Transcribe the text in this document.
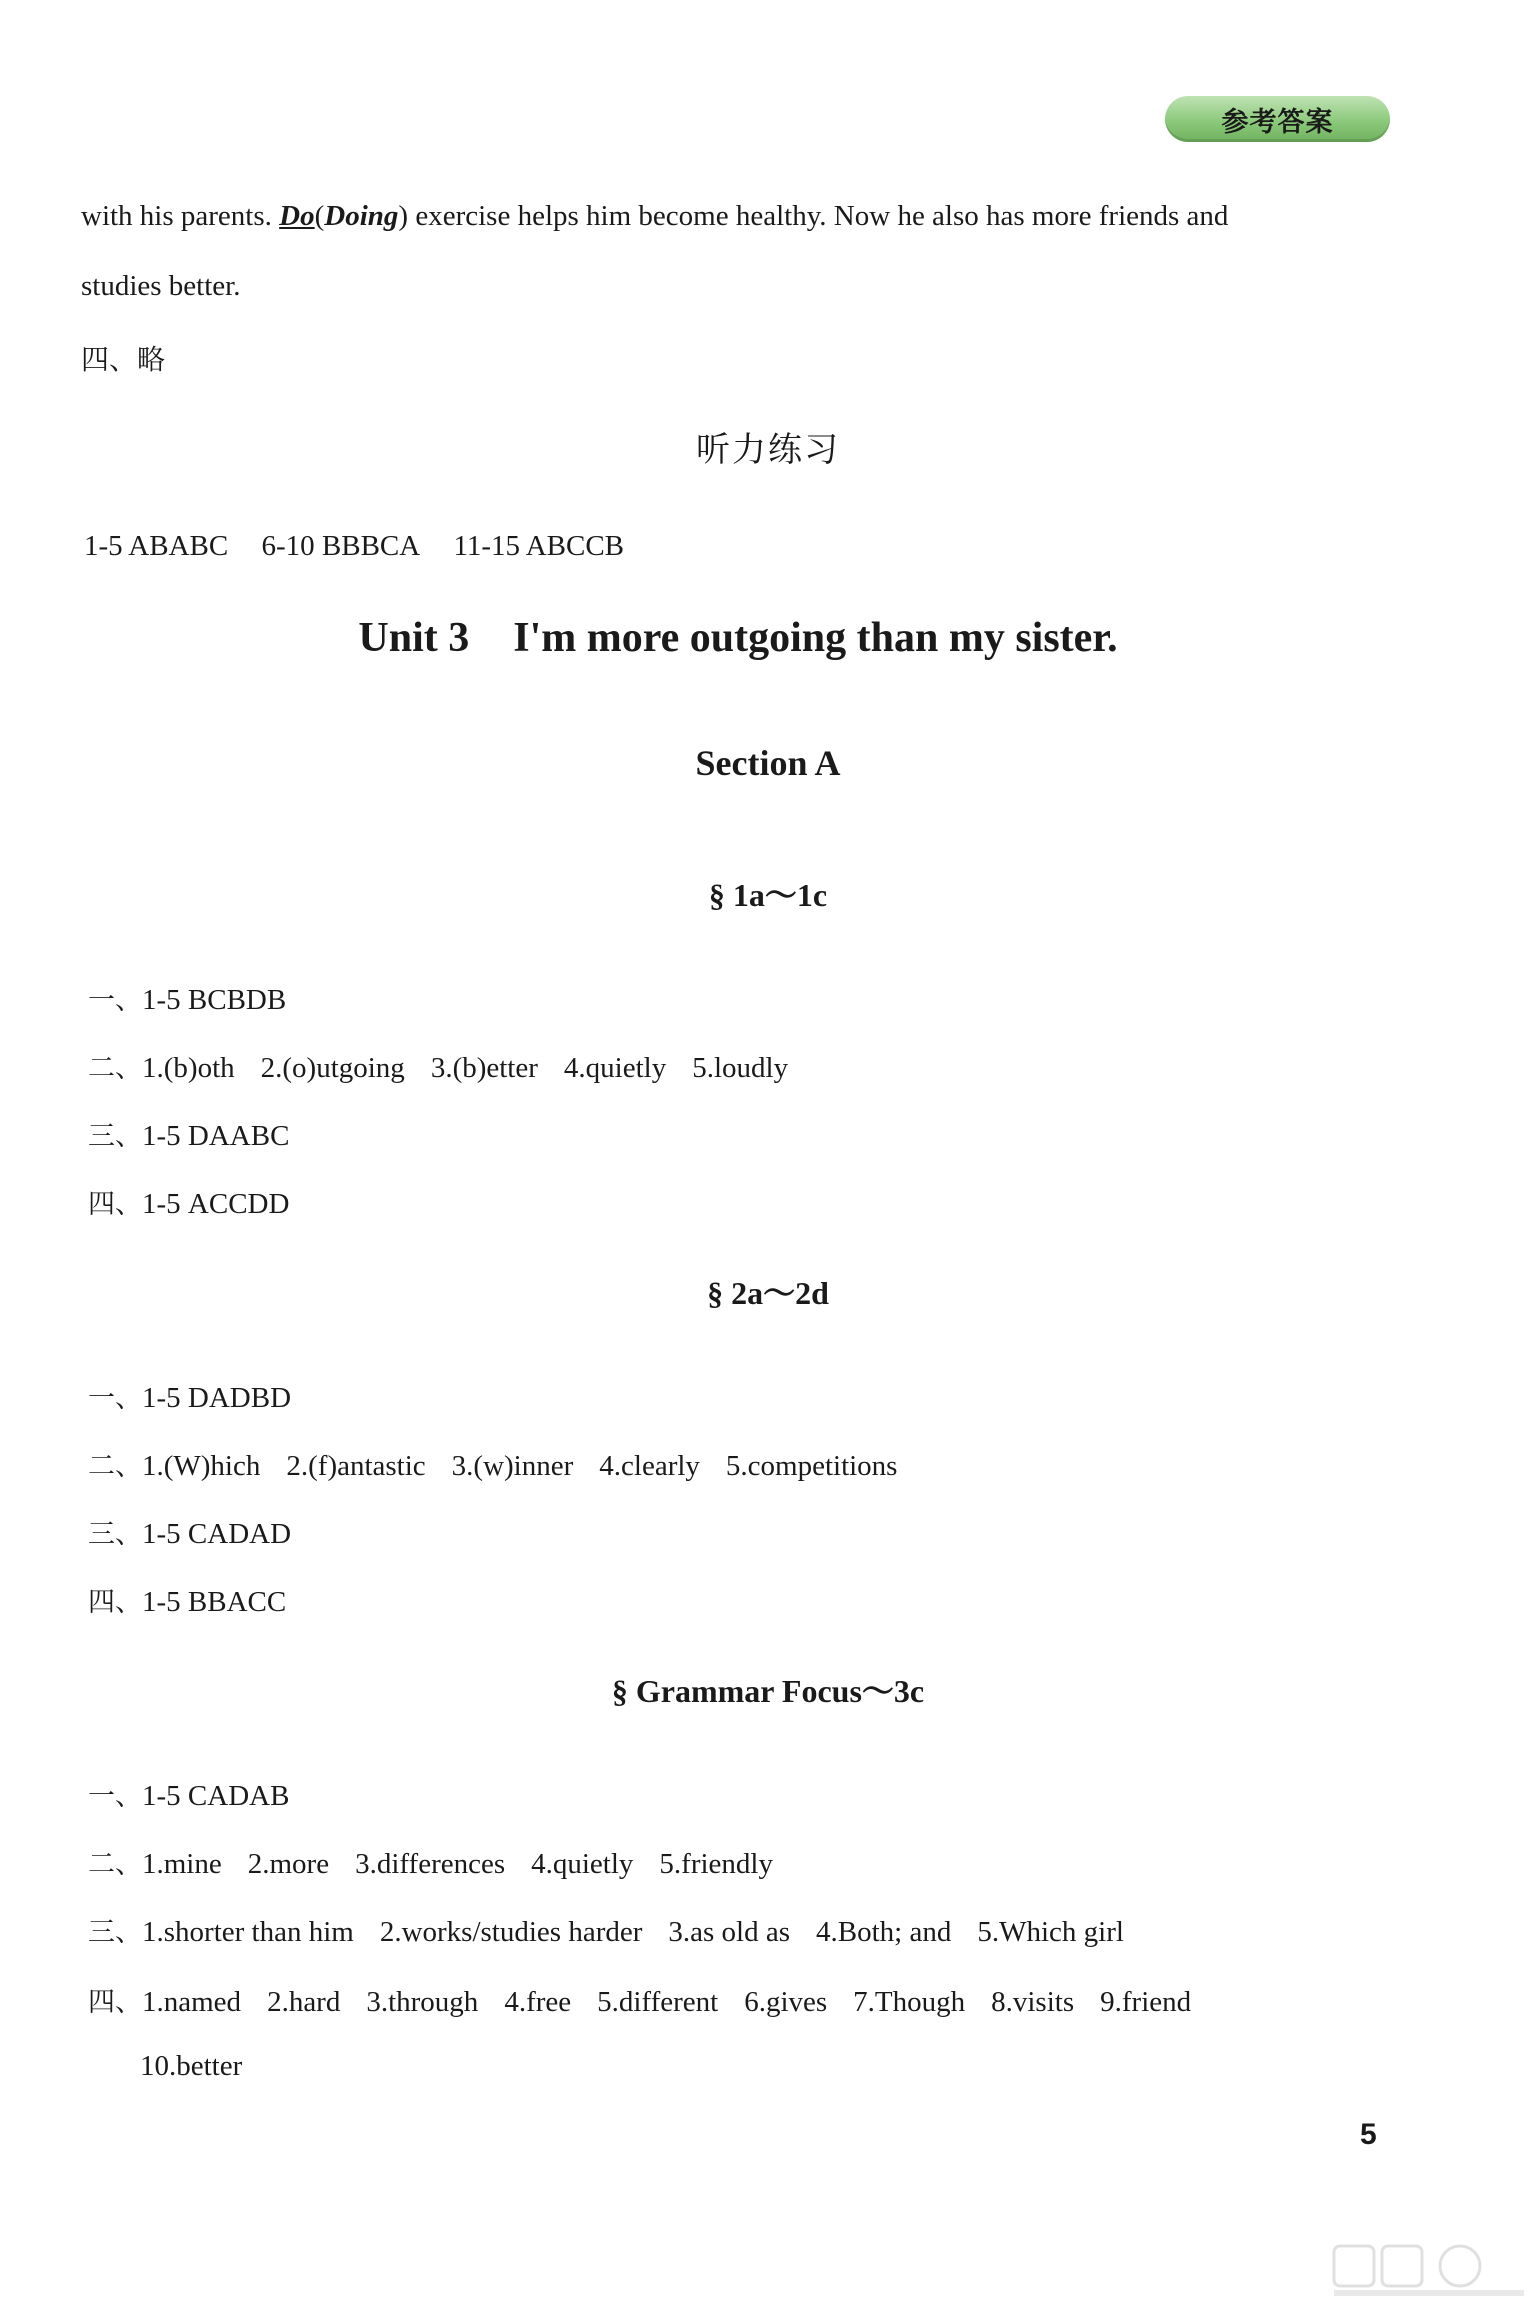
参考答案
with his parents. Do(Doing) exercise helps him become healthy. Now he also has more friends and
studies better.
四、略
听力练习
1-5 ABABC 6-10 BBBCA 11-15 ABCCB
Unit 3 I'm more outgoing than my sister.
Section A
§ 1a～1c
一、1-5 BCBDB
二、1.(b)oth 2.(o)utgoing 3.(b)etter 4.quietly 5.loudly
三、1-5 DAABC
四、1-5 ACCDD
§ 2a～2d
一、1-5 DADBD
二、1.(W)hich 2.(f)antastic 3.(w)inner 4.clearly 5.competitions
三、1-5 CADAD
四、1-5 BBACC
§ Grammar Focus～3c
一、1-5 CADAB
二、1.mine 2.more 3.differences 4.quietly 5.friendly
三、1.shorter than him 2.works/studies harder 3.as old as 4.Both; and 5.Which girl
四、1.named 2.hard 3.through 4.free 5.different 6.gives 7.Though 8.visits 9.friend
10.better
5
